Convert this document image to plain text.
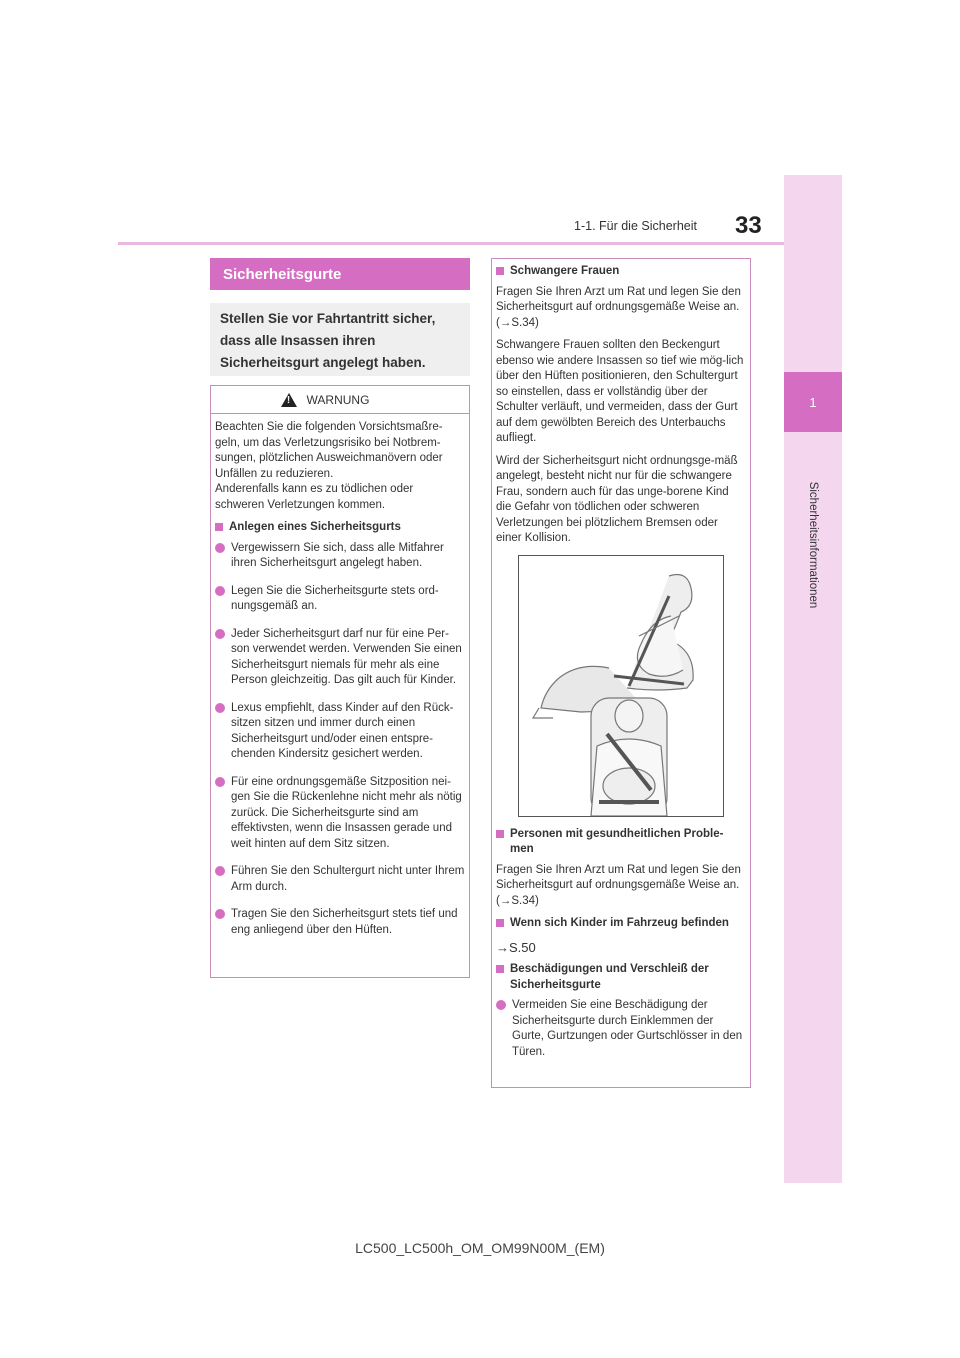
1-1. Für die Sicherheit 33
1
Sicherheitsinformationen
Sicherheitsgurte
Stellen Sie vor Fahrtantritt sicher, dass alle Insassen ihren Sicherheitsgurt angelegt haben.
! WARNUNG
Beachten Sie die folgenden Vorsichtsmaßre-geln, um das Verletzungsrisiko bei Notbrem-sungen, plötzlichen Ausweichmanövern oder Unfällen zu reduzieren.

Anderenfalls kann es zu tödlichen oder schweren Verletzungen kommen.

Anlegen eines Sicherheitsgurts
Vergewissern Sie sich, dass alle Mitfahrer ihren Sicherheitsgurt angelegt haben.
Legen Sie die Sicherheitsgurte stets ord-nungsgemäß an.
Jeder Sicherheitsgurt darf nur für eine Per-son verwendet werden. Verwenden Sie einen Sicherheitsgurt niemals für mehr als eine Person gleichzeitig. Das gilt auch für Kinder.
Lexus empfiehlt, dass Kinder auf den Rück-sitzen sitzen und immer durch einen Sicherheitsgurt und/oder einen entspre-chenden Kindersitz gesichert werden.
Für eine ordnungsgemäße Sitzposition nei-gen Sie die Rückenlehne nicht mehr als nötig zurück. Die Sicherheitsgurte sind am effektivsten, wenn die Insassen gerade und weit hinten auf dem Sitz sitzen.
Führen Sie den Schultergurt nicht unter Ihrem Arm durch.
Tragen Sie den Sicherheitsgurt stets tief und eng anliegend über den Hüften.
Schwangere Frauen

Fragen Sie Ihren Arzt um Rat und legen Sie den Sicherheitsgurt auf ordnungsgemäße Weise an. (→S.34)

Schwangere Frauen sollten den Beckengurt ebenso wie andere Insassen so tief wie mög-lich über den Hüften positionieren, den Schultergurt so einstellen, dass er vollständig über der Schulter verläuft, und vermeiden, dass der Gurt auf dem gewölbten Bereich des Unterbauchs aufliegt.

Wird der Sicherheitsgurt nicht ordnungsge-mäß angelegt, besteht nicht nur für die schwangere Frau, sondern auch für das unge-borene Kind die Gefahr von tödlichen oder schweren Verletzungen bei plötzlichem Bremsen oder einer Kollision.

Personen mit gesundheitlichen Proble-men

Fragen Sie Ihren Arzt um Rat und legen Sie den Sicherheitsgurt auf ordnungsgemäße Weise an. (→S.34)

Wenn sich Kinder im Fahrzeug befinden

→S.50

Beschädigungen und Verschleiß der Sicherheitsgurte
Vermeiden Sie eine Beschädigung der Sicherheitsgurte durch Einklemmen der Gurte, Gurtzungen oder Gurtschlösser in den Türen.
LC500_LC500h_OM_OM99N00M_(EM)
